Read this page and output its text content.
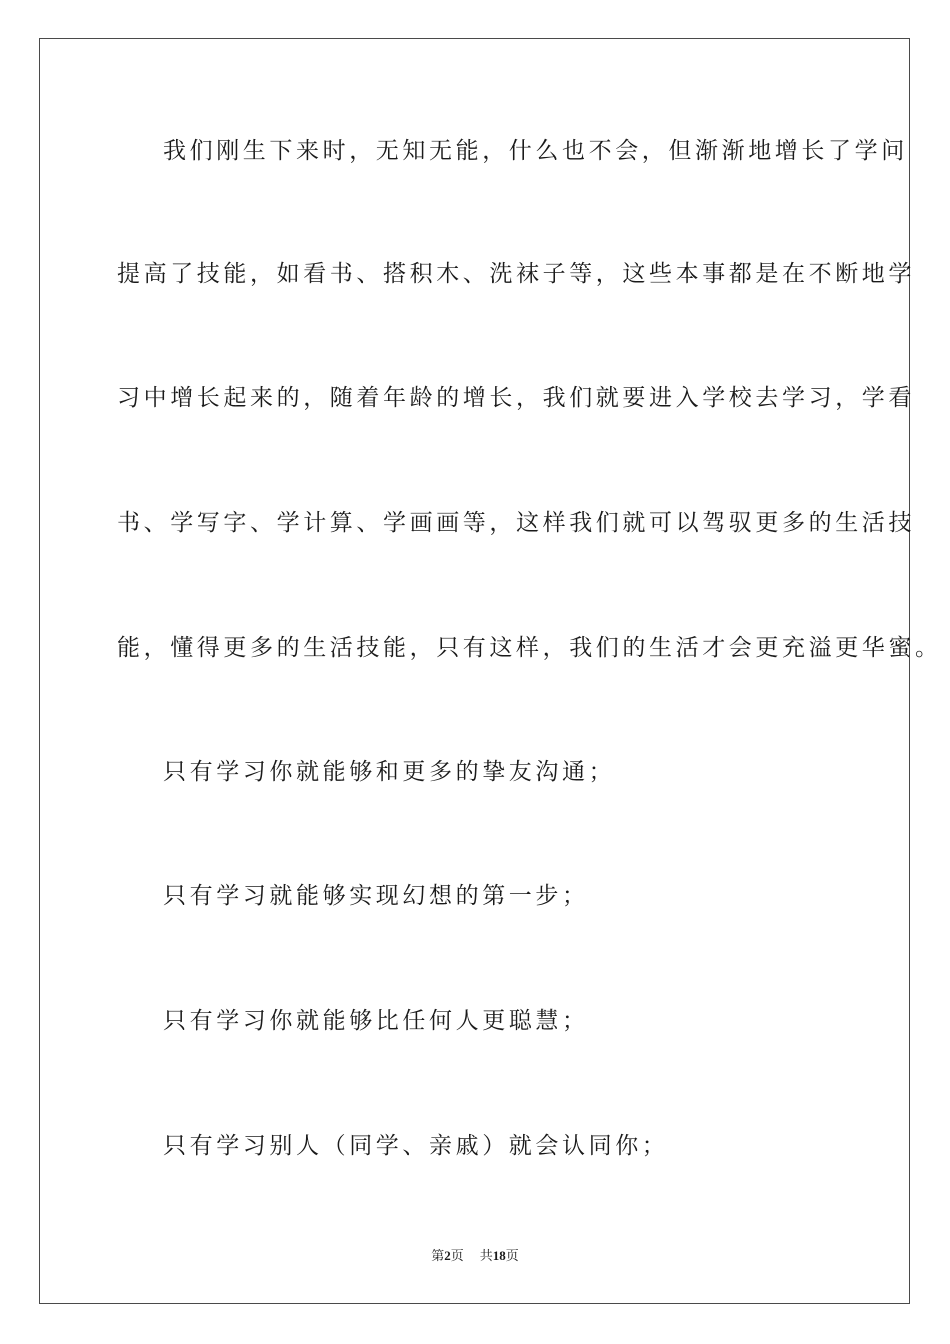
我们刚生下来时，无知无能，什么也不会，但渐渐地增长了学问
提高了技能，如看书、搭积木、洗袜子等，这些本事都是在不断地学
习中增长起来的，随着年龄的增长，我们就要进入学校去学习，学看
书、学写字、学计算、学画画等，这样我们就可以驾驭更多的生活技
能，懂得更多的生活技能，只有这样，我们的生活才会更充溢更华蜜。
只有学习你就能够和更多的挚友沟通；
只有学习就能够实现幻想的第一步；
只有学习你就能够比任何人更聪慧；
只有学习别人（同学、亲戚）就会认同你；
第2页 共18页
